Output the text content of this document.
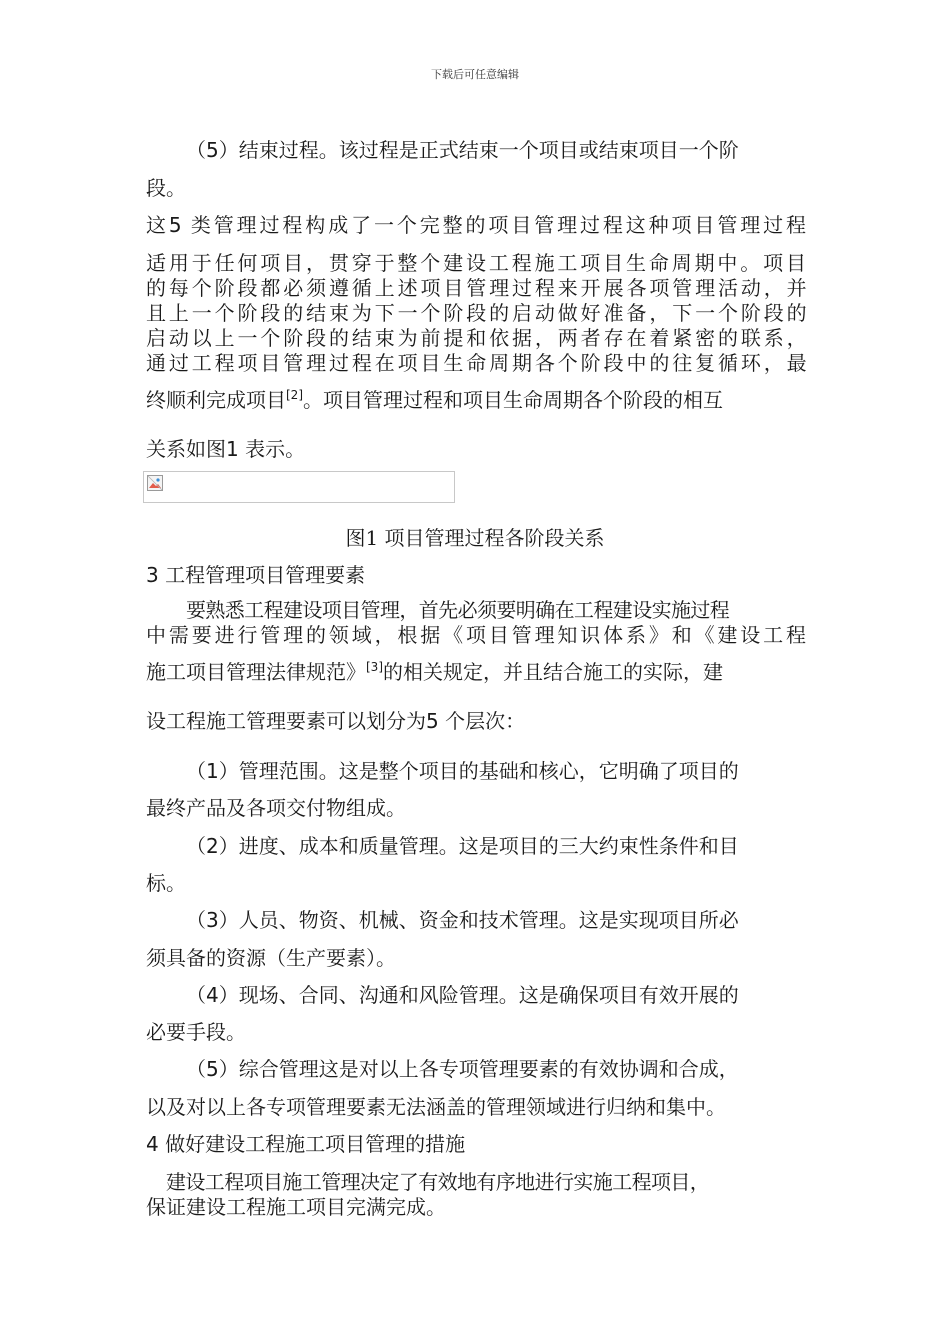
下载后可任意编辑
（5）结束过程。该过程是正式结束一个项目或结束项目一个阶
段。
这5 类管理过程构成了一个完整的项目管理过程这种项目管理过程
适用于任何项目，贯穿于整个建设工程施工项目生命周期中。项目
的每个阶段都必须遵循上述项目管理过程来开展各项管理活动，并
且上一个阶段的结束为下一个阶段的启动做好准备，下一个阶段的
启动以上一个阶段的结束为前提和依据，两者存在着紧密的联系，
通过工程项目管理过程在项目生命周期各个阶段中的往复循环，最
终顺利完成项目[2]。项目管理过程和项目生命周期各个阶段的相互
关系如图1 表示。
图1 项目管理过程各阶段关系
3 工程管理项目管理要素
要熟悉工程建设项目管理，首先必须要明确在工程建设实施过程
中需要进行管理的领域，根据《项目管理知识体系》和《建设工程
施工项目管理法律规范》[3]的相关规定，并且结合施工的实际，建
设工程施工管理要素可以划分为5 个层次：
（1）管理范围。这是整个项目的基础和核心，它明确了项目的
最终产品及各项交付物组成。
（2）进度、成本和质量管理。这是项目的三大约束性条件和目
标。
（3）人员、物资、机械、资金和技术管理。这是实现项目所必
须具备的资源（生产要素）。
（4）现场、合同、沟通和风险管理。这是确保项目有效开展的
必要手段。
（5）综合管理这是对以上各专项管理要素的有效协调和合成，
以及对以上各专项管理要素无法涵盖的管理领域进行归纳和集中。
4 做好建设工程施工项目管理的措施
建设工程项目施工管理决定了有效地有序地进行实施工程项目，
保证建设工程施工项目完满完成。
